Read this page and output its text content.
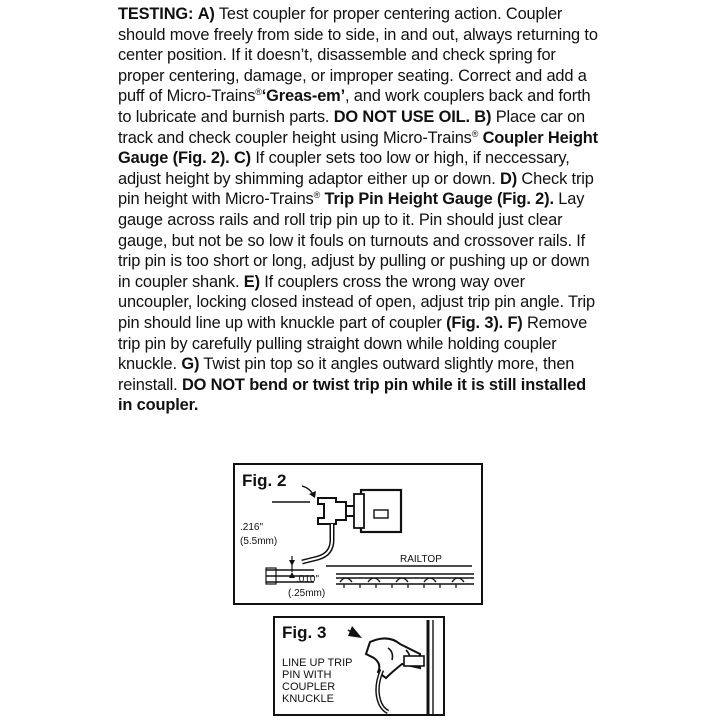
TESTING: A) Test coupler for proper centering action. Coupler should move freely from side to side, in and out, always returning to center position. If it doesn’t, disassemble and check spring for proper centering, damage, or improper seating. Correct and add a puff of Micro-Trains®‘Greas-em’, and work couplers back and forth to lubricate and burnish parts. DO NOT USE OIL. B) Place car on track and check coupler height using Micro-Trains® Coupler Height Gauge (Fig. 2). C) If coupler sets too low or high, if neccessary, adjust height by shimming adaptor either up or down. D) Check trip pin height with Micro-Trains® Trip Pin Height Gauge (Fig. 2). Lay gauge across rails and roll trip pin up to it. Pin should just clear gauge, but not be so low it fouls on turnouts and crossover rails. If trip pin is too short or long, adjust by pulling or pushing up or down in coupler shank. E) If couplers cross the wrong way over uncoupler, locking closed instead of open, adjust trip pin angle. Trip pin should line up with knuckle part of coupler (Fig. 3). F) Remove trip pin by carefully pulling straight down while holding coupler knuckle. G) Twist pin top so it angles outward slightly more, then reinstall. DO NOT bend or twist trip pin while it is still installed in coupler.

Fig. 2
.216"
(5.5mm)
.010"
(.25mm)
RAILTOP
Fig. 3
LINE UP TRIP
PIN WITH
COUPLER
KNUCKLE
